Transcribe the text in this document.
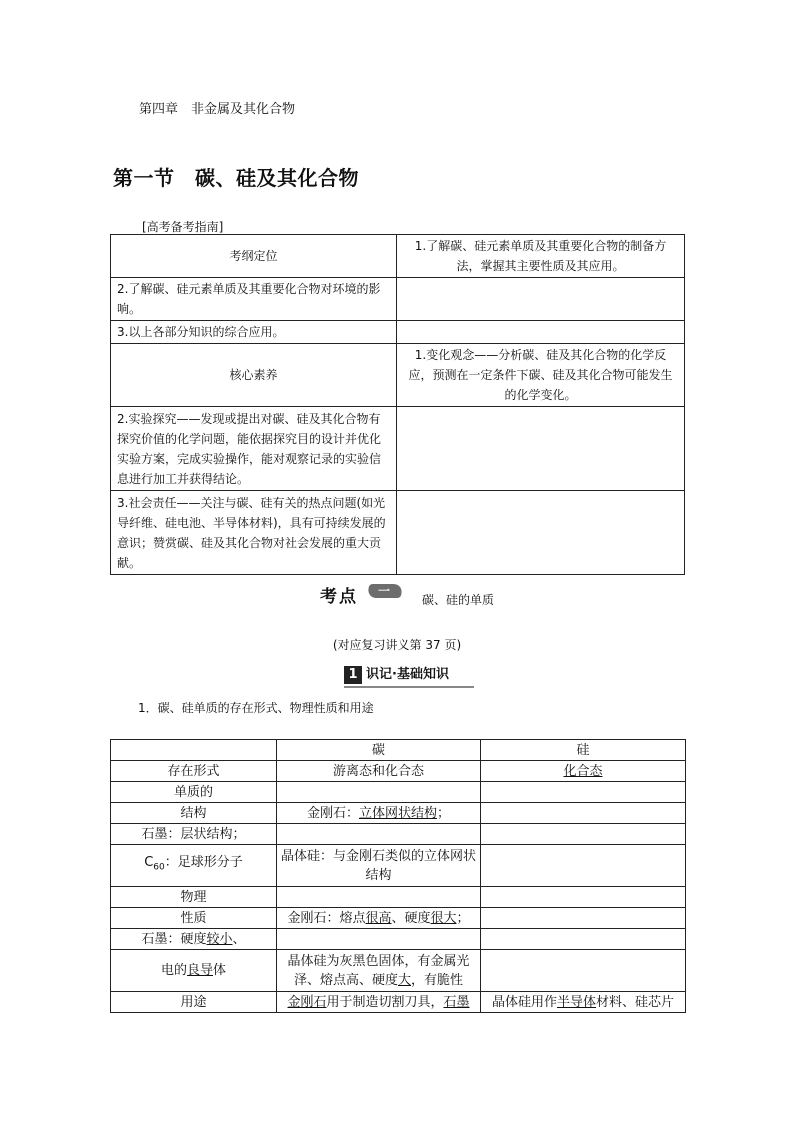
第四章　非金属及其化合物
第一节　碳、硅及其化合物
[高考备考指南]
考纲定位	1.了解碳、硅元素单质及其重要化合物的制备方法，掌握其主要性质及其应用。
2.了解碳、硅元素单质及其重要化合物对环境的影响。	
3.以上各部分知识的综合应用。	
核心素养	1.变化观念——分析碳、硅及其化合物的化学反应，预测在一定条件下碳、硅及其化合物可能发生的化学变化。
2.实验探究——发现或提出对碳、硅及其化合物有探究价值的化学问题，能依据探究目的设计并优化实验方案，完成实验操作，能对观察记录的实验信息进行加工并获得结论。	
3.社会责任——关注与碳、硅有关的热点问题(如光导纤维、硅电池、半导体材料)，具有可持续发展的意识；赞赏碳、硅及其化合物对社会发展的重大贡献。	
考点 一
碳、硅的单质
(对应复习讲义第 37 页)
1 识记·基础知识
1．碳、硅单质的存在形式、物理性质和用途
	碳	硅
存在形式	游离态和化合态	化合态
单质的		
结构	金刚石：立体网状结构；	
石墨：层状结构；		
$C_{60}$：足球形分子	晶体硅：与金刚石类似的立体网状结构	
物理		
性质	金刚石：熔点很高、硬度很大；	
石墨：硬度较小、		
电的良导体	晶体硅为灰黑色固体，有金属光泽、熔点高、硬度大，有脆性	
用途	金刚石用于制造切割刀具，石墨	晶体硅用作半导体材料、硅芯片
